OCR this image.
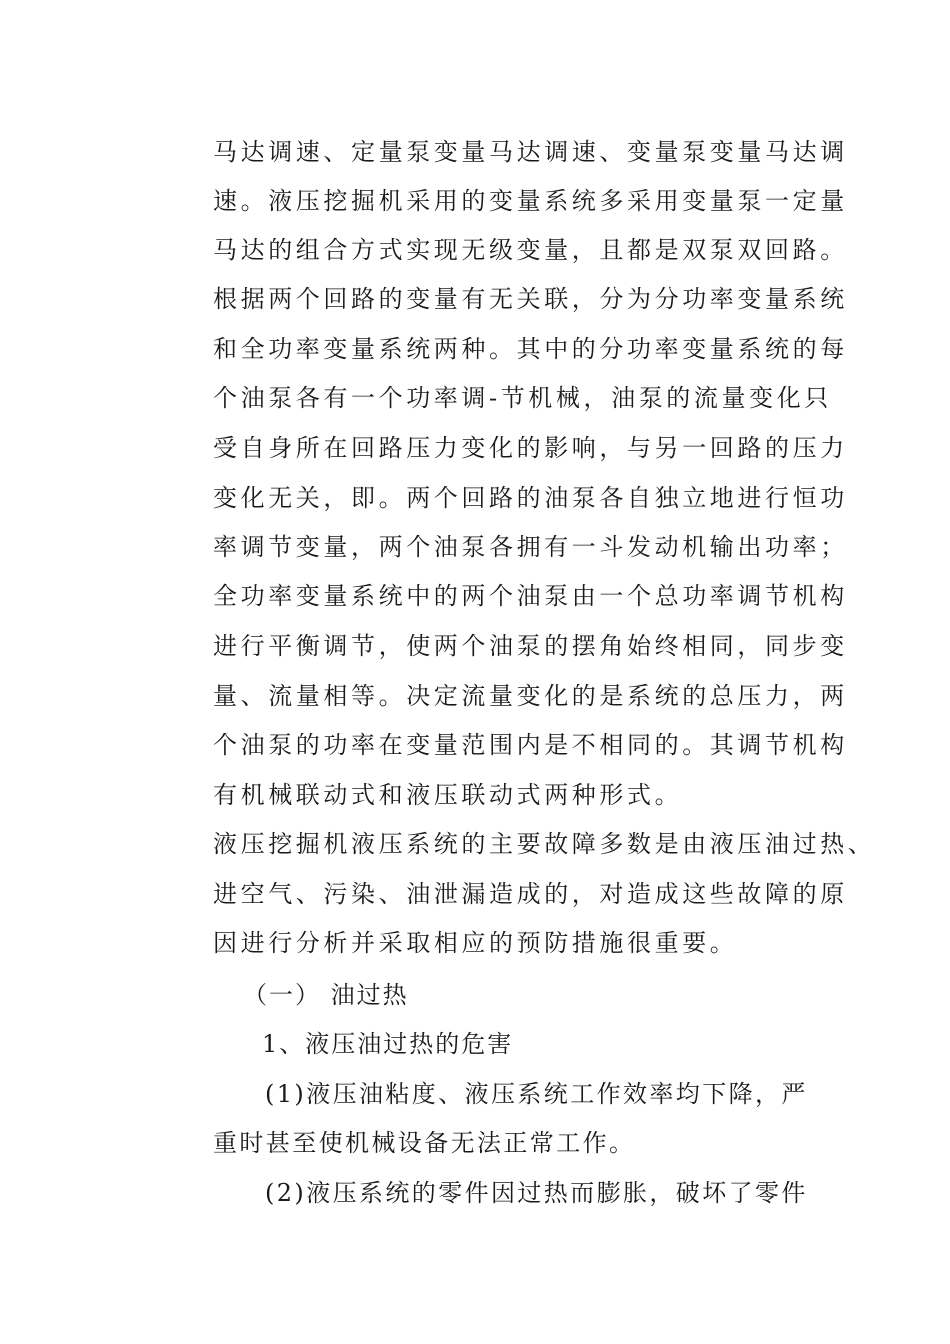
马达调速、定量泵变量马达调速、变量泵变量马达调
速。液压挖掘机采用的变量系统多采用变量泵一定量
马达的组合方式实现无级变量，且都是双泵双回路。
根据两个回路的变量有无关联，分为分功率变量系统
和全功率变量系统两种。其中的分功率变量系统的每
个油泵各有一个功率调-节机械，油泵的流量变化只
受自身所在回路压力变化的影响，与另一回路的压力
变化无关，即。两个回路的油泵各自独立地进行恒功
率调节变量，两个油泵各拥有一斗发动机输出功率；
全功率变量系统中的两个油泵由一个总功率调节机构
进行平衡调节，使两个油泵的摆角始终相同，同步变
量、流量相等。决定流量变化的是系统的总压力，两
个油泵的功率在变量范围内是不相同的。其调节机构
有机械联动式和液压联动式两种形式。
液压挖掘机液压系统的主要故障多数是由液压油过热、
进空气、污染、油泄漏造成的，对造成这些故障的原
因进行分析并采取相应的预防措施很重要。
（一） 油过热
1、液压油过热的危害
(1)液压油粘度、液压系统工作效率均下降，严
重时甚至使机械设备无法正常工作。
(2)液压系统的零件因过热而膨胀，破坏了零件
